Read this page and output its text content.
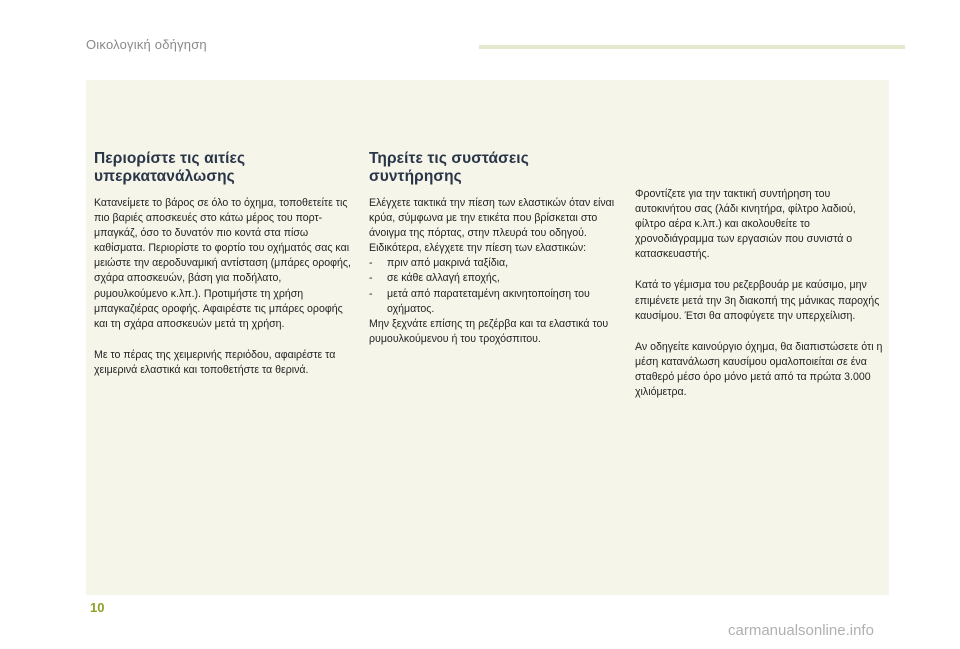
Οικολογική οδήγηση
Περιορίστε τις αιτίες
υπερκατανάλωσης

Κατανείμετε το βάρος σε όλο το όχημα, τοποθετείτε τις πιο βαριές αποσκευές στο κάτω μέρος του πορτ-μπαγκάζ, όσο το δυνατόν πιο κοντά στα πίσω καθίσματα. Περιορίστε το φορτίο του οχήματός σας και μειώστε την αεροδυναμική αντίσταση (μπάρες οροφής, σχάρα αποσκευών, βάση για ποδήλατο, ρυμουλκούμενο κ.λπ.). Προτιμήστε τη χρήση μπαγκαζιέρας οροφής. Αφαιρέστε τις μπάρες οροφής και τη σχάρα αποσκευών μετά τη χρήση.

Με το πέρας της χειμερινής περιόδου, αφαιρέστε τα χειμερινά ελαστικά και τοποθετήστε τα θερινά.

Τηρείτε τις συστάσεις
συντήρησης

Ελέγχετε τακτικά την πίεση των ελαστικών όταν είναι κρύα, σύμφωνα με την ετικέτα που βρίσκεται στο άνοιγμα της πόρτας, στην πλευρά του οδηγού.

Ειδικότερα, ελέγχετε την πίεση των ελαστικών:

- πριν από μακρινά ταξίδια,
- σε κάθε αλλαγή εποχής,
- μετά από παρατεταμένη ακινητοποίηση του οχήματος.

Μην ξεχνάτε επίσης τη ρεζέρβα και τα ελαστικά του ρυμουλκούμενου ή του τροχόσπιτου.

Φροντίζετε για την τακτική συντήρηση του αυτοκινήτου σας (λάδι κινητήρα, φίλτρο λαδιού, φίλτρο αέρα κ.λπ.) και ακολουθείτε το χρονοδιάγραμμα των εργασιών που συνιστά ο κατασκευαστής.

Κατά το γέμισμα του ρεζερβουάρ με καύσιμο, μην επιμένετε μετά την 3η διακοπή της μάνικας παροχής καυσίμου. Έτσι θα αποφύγετε την υπερχείλιση.

Αν οδηγείτε καινούργιο όχημα, θα διαπιστώσετε ότι η μέση κατανάλωση καυσίμου ομαλοποιείται σε ένα σταθερό μέσο όρο μόνο μετά από τα πρώτα 3.000 χιλιόμετρα.

10
carmanualsonline.info
